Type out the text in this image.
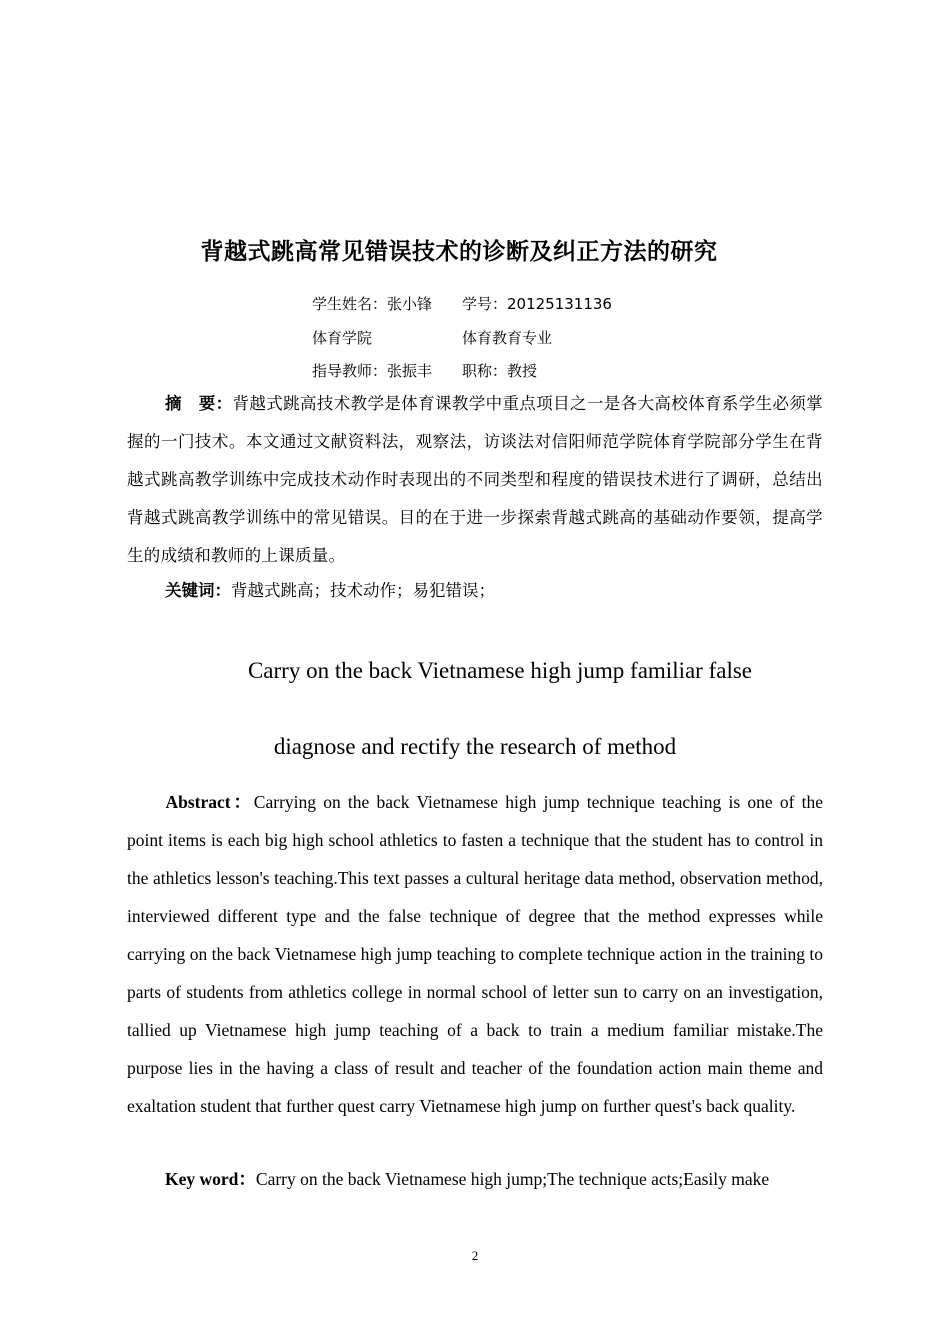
背越式跳高常见错误技术的诊断及纠正方法的研究
学生姓名：张小锋 学号：20125131136
体育学院	体育教育专业
指导教师：张振丰 职称：教授
摘　要：背越式跳高技术教学是体育课教学中重点项目之一是各大高校体育系学生必须掌握的一门技术。本文通过文献资料法，观察法，访谈法对信阳师范学院体育学院部分学生在背越式跳高教学训练中完成技术动作时表现出的不同类型和程度的错误技术进行了调研，总结出背越式跳高教学训练中的常见错误。目的在于进一步探索背越式跳高的基础动作要领，提高学生的成绩和教师的上课质量。
关键词：背越式跳高；技术动作；易犯错误；
Carry on the back Vietnamese high jump familiar false
diagnose and rectify the research of method
Abstract：Carrying on the back Vietnamese high jump technique teaching is one of the point items is each big high school athletics to fasten a technique that the student has to control in the athletics lesson's teaching.This text passes a cultural heritage data method, observation method, interviewed different type and the false technique of degree that the method expresses while carrying on the back Vietnamese high jump teaching to complete technique action in the training to parts of students from athletics college in normal school of letter sun to carry on an investigation, tallied up Vietnamese high jump teaching of a back to train a medium familiar mistake.The purpose lies in the having a class of result and teacher of the foundation action main theme and exaltation student that further quest carry Vietnamese high jump on further quest's back quality.
Key word：Carry on the back Vietnamese high jump;The technique acts;Easily make
2
